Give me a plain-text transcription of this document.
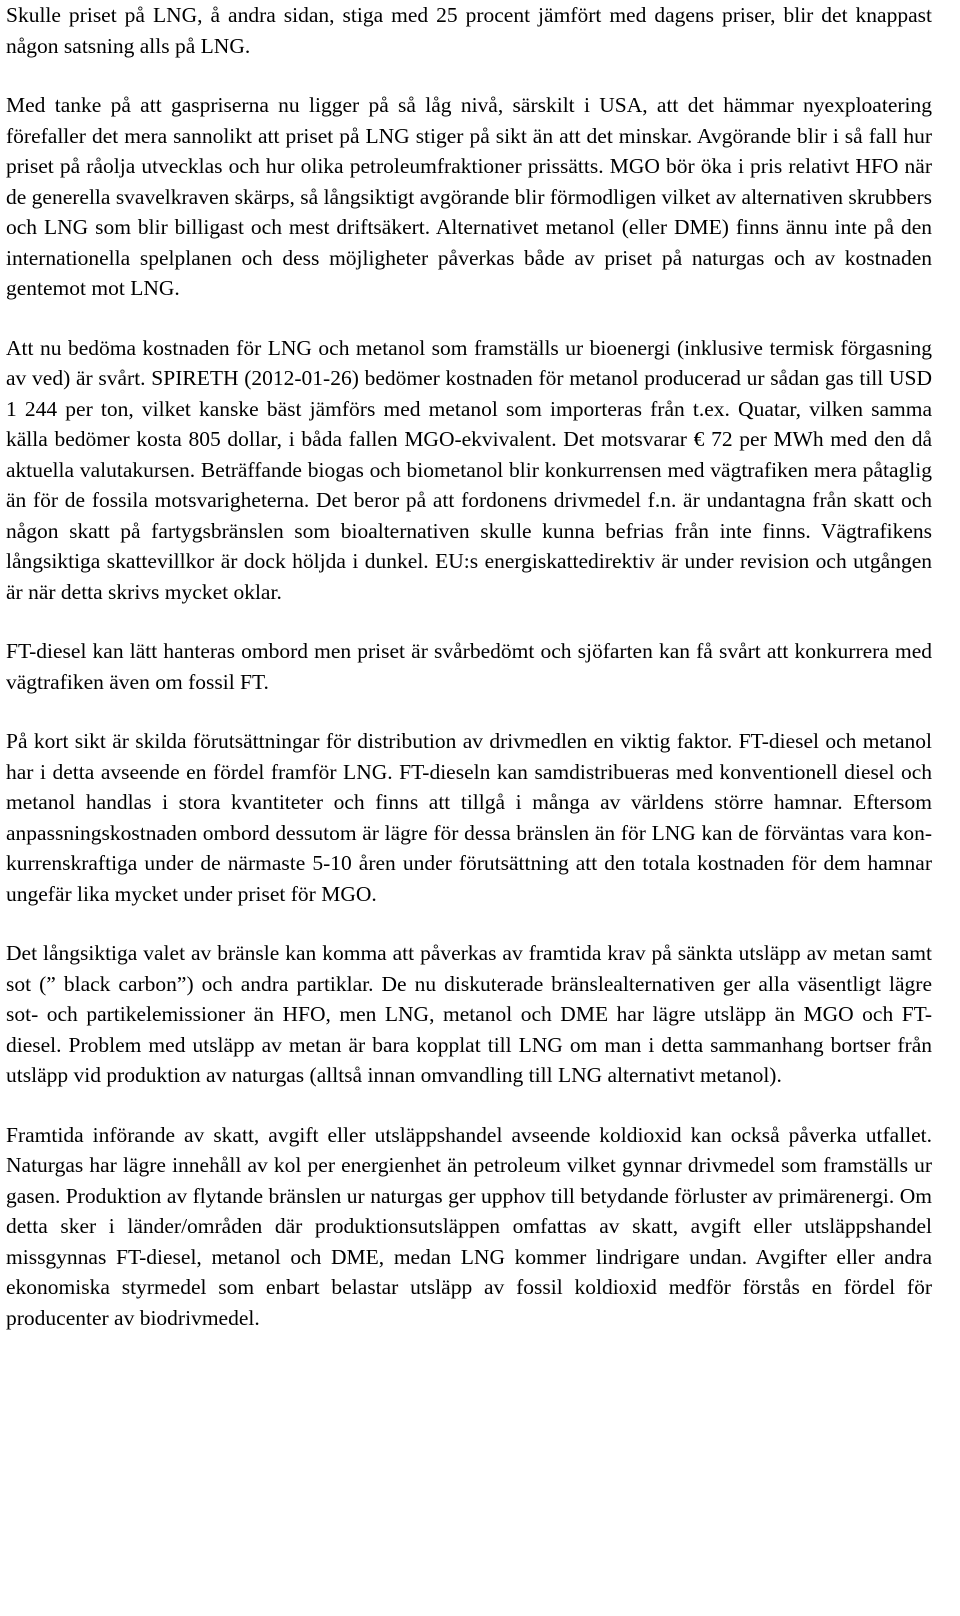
Skulle priset på LNG, å andra sidan, stiga med 25 procent jämfört med dagens priser, blir det knappast någon satsning alls på LNG.

Med tanke på att gaspriserna nu ligger på så låg nivå, särskilt i USA, att det hämmar nyexploatering förefaller det mera sannolikt att priset på LNG stiger på sikt än att det minskar. Avgörande blir i så fall hur priset på råolja utvecklas och hur olika petroleumfraktioner prissätts. MGO bör öka i pris relativt HFO när de generella svavelkraven skärps, så långsiktigt avgörande blir förmodligen vilket av alternativen skrubbers och LNG som blir billigast och mest driftsäkert. Alternativet metanol (eller DME) finns ännu inte på den internationella spelplanen och dess möjligheter påverkas både av priset på naturgas och av kostnaden gentemot mot LNG.

Att nu bedöma kostnaden för LNG och metanol som framställs ur bioenergi (inklusive termisk förgasning av ved) är svårt. SPIRETH (2012-01-26) bedömer kostnaden för metanol producerad ur sådan gas till USD 1 244 per ton, vilket kanske bäst jämförs med metanol som importeras från t.ex. Quatar, vilken samma källa bedömer kosta 805 dollar, i båda fallen MGO-ekvivalent. Det motsvarar € 72 per MWh med den då aktuella valutakursen. Beträffande biogas och biometanol blir konkurrensen med vägtrafiken mera påtaglig än för de fossila motsvarigheterna. Det beror på att fordonens drivmedel f.n. är undantagna från skatt och någon skatt på fartygsbränslen som bioalternativen skulle kunna befrias från inte finns. Vägtrafikens långsiktiga skattevillkor är dock höljda i dunkel. EU:s energiskattedirektiv är under revision och utgången är när detta skrivs mycket oklar.

FT-diesel kan lätt hanteras ombord men priset är svårbedömt och sjöfarten kan få svårt att konkurrera med vägtrafiken även om fossil FT.

På kort sikt är skilda förutsättningar för distribution av drivmedlen en viktig faktor. FT-diesel och metanol har i detta avseende en fördel framför LNG. FT-dieseln kan samdistribueras med konventionell diesel och metanol handlas i stora kvantiteter och finns att tillgå i många av världens större hamnar. Eftersom anpassningskostnaden ombord dessutom är lägre för dessa bränslen än för LNG kan de förväntas vara konkurrenskraftiga under de närmaste 5-10 åren under förutsättning att den totala kostnaden för dem hamnar ungefär lika mycket under priset för MGO.

Det långsiktiga valet av bränsle kan komma att påverkas av framtida krav på sänkta utsläpp av metan samt sot (” black carbon”) och andra partiklar. De nu diskuterade bränslealternativen ger alla väsentligt lägre sot- och partikelemissioner än HFO, men LNG, metanol och DME har lägre utsläpp än MGO och FT-diesel. Problem med utsläpp av metan är bara kopplat till LNG om man i detta sammanhang bortser från utsläpp vid produktion av naturgas (alltså innan omvandling till LNG alternativt metanol).

Framtida införande av skatt, avgift eller utsläppshandel avseende koldioxid kan också påverka utfallet. Naturgas har lägre innehåll av kol per energienhet än petroleum vilket gynnar drivmedel som framställs ur gasen. Produktion av flytande bränslen ur naturgas ger upphov till betydande förluster av primärenergi. Om detta sker i länder/områden där produktionsutsläppen omfattas av skatt, avgift eller utsläppshandel missgynnas FT-diesel, metanol och DME, medan LNG kommer lindrigare undan. Avgifter eller andra ekonomiska styrmedel som enbart belastar utsläpp av fossil koldioxid medför förstås en fördel för producenter av biodrivmedel.
